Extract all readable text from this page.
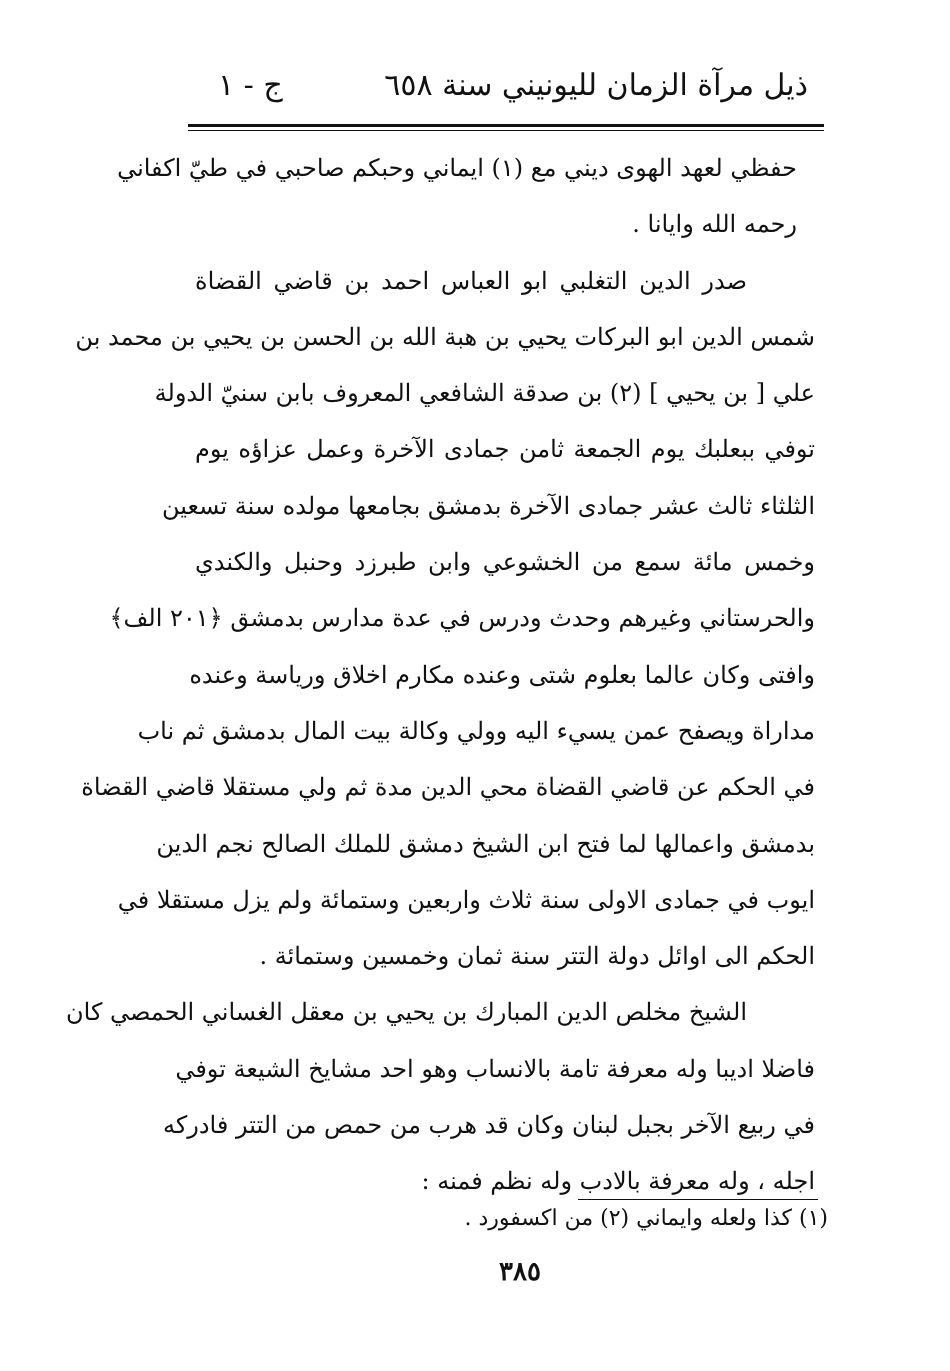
ذيل مرآة الزمان لليونيني سنة ٦٥٨
ج - ١
حفظي لعهد الهوى ديني مع (١) ايماني وحبكم صاحبي في طيّ اكفاني
رحمه الله وايانا .
صدر الدين التغلبي ابو العباس احمد بن قاضي القضاة
شمس الدين ابو البركات يحيي بن هبة الله بن الحسن بن يحيي بن محمد بن
علي [ بن يحيي ] (٢) بن صدقة الشافعي المعروف بابن سنيّ الدولة
توفي ببعلبك يوم الجمعة ثامن جمادى الآخرة وعمل عزاؤه يوم
الثلثاء ثالث عشر جمادى الآخرة بدمشق بجامعها مولده سنة تسعين
وخمس مائة سمع من الخشوعي وابن طبرزد وحنبل والكندي
والحرستاني وغيرهم وحدث ودرس في عدة مدارس بدمشق ﴿٢٠١ الف﴾
وافتى وكان عالما بعلوم شتى وعنده مكارم اخلاق ورياسة وعنده
مداراة ويصفح عمن يسيء اليه وولي وكالة بيت المال بدمشق ثم ناب
في الحكم عن قاضي القضاة محي الدين مدة ثم ولي مستقلا قاضي القضاة
بدمشق واعمالها لما فتح ابن الشيخ دمشق للملك الصالح نجم الدين
ايوب في جمادى الاولى سنة ثلاث واربعين وستمائة ولم يزل مستقلا في
الحكم الى اوائل دولة التتر سنة ثمان وخمسين وستمائة .
الشيخ مخلص الدين المبارك بن يحيي بن معقل الغساني الحمصي كان
فاضلا اديبا وله معرفة تامة بالانساب وهو احد مشايخ الشيعة توفي
في ربيع الآخر بجبل لبنان وكان قد هرب من حمص من التتر فادركه
اجله ، وله معرفة بالادب وله نظم فمنه :
(١) كذا ولعله وايماني (٢) من اكسفورد .
٣٨٥
